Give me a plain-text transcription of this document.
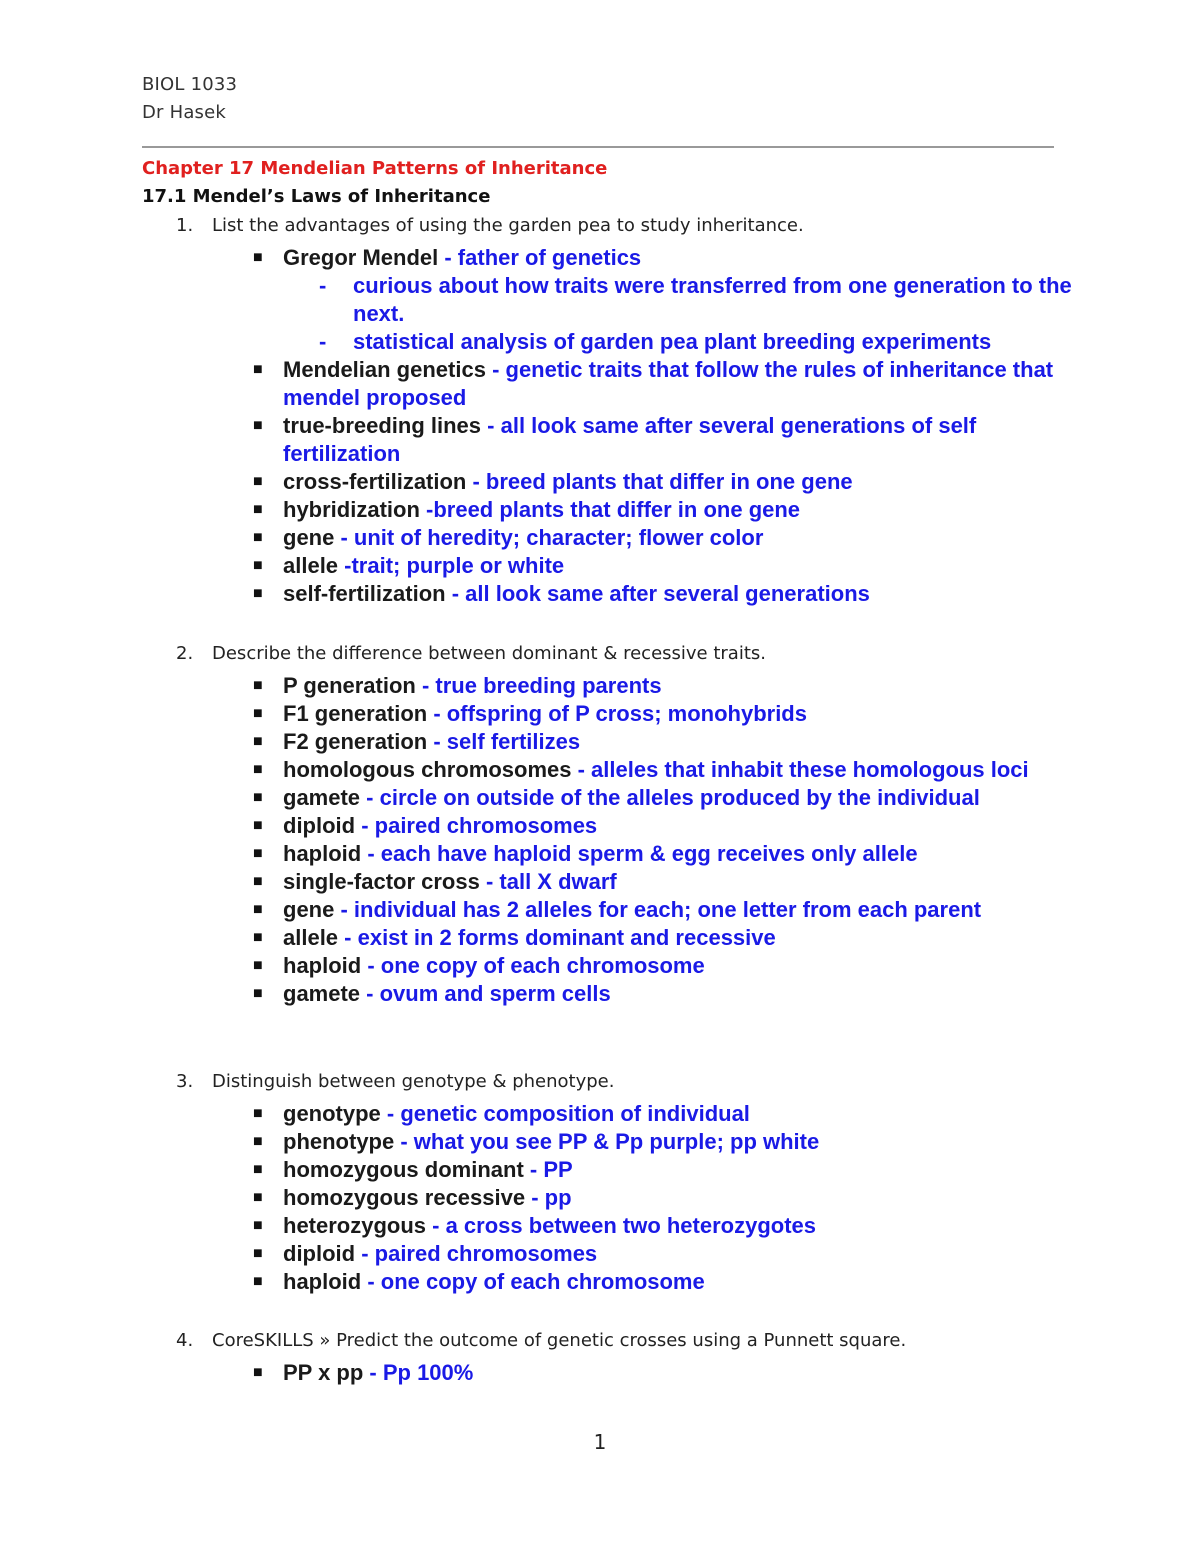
BIOL 1033
Dr Hasek
Chapter 17 Mendelian Patterns of Inheritance
17.1 Mendel’s Laws of Inheritance
1. List the advantages of using the garden pea to study inheritance.
■ Gregor Mendel - father of genetics
- curious about how traits were transferred from one generation to the next.
- statistical analysis of garden pea plant breeding experiments
■ Mendelian genetics - genetic traits that follow the rules of inheritance that mendel proposed
■ true-breeding lines - all look same after several generations of self fertilization
■ cross-fertilization - breed plants that differ in one gene
■ hybridization -breed plants that differ in one gene
■ gene - unit of heredity; character; flower color
■ allele -trait; purple or white
■ self-fertilization - all look same after several generations
2. Describe the difference between dominant & recessive traits.
■ P generation - true breeding parents
■ F1 generation - offspring of P cross; monohybrids
■ F2 generation - self fertilizes
■ homologous chromosomes - alleles that inhabit these homologous loci
■ gamete - circle on outside of the alleles produced by the individual
■ diploid - paired chromosomes
■ haploid - each have haploid sperm & egg receives only allele
■ single-factor cross - tall X dwarf
■ gene - individual has 2 alleles for each; one letter from each parent
■ allele - exist in 2 forms dominant and recessive
■ haploid - one copy of each chromosome
■ gamete - ovum and sperm cells
3. Distinguish between genotype & phenotype.
■ genotype - genetic composition of individual
■ phenotype - what you see PP & Pp purple; pp white
■ homozygous dominant - PP
■ homozygous recessive - pp
■ heterozygous - a cross between two heterozygotes
■ diploid - paired chromosomes
■ haploid - one copy of each chromosome
4. CoreSKILLS » Predict the outcome of genetic crosses using a Punnett square.
■ PP x pp - Pp 100%
1
